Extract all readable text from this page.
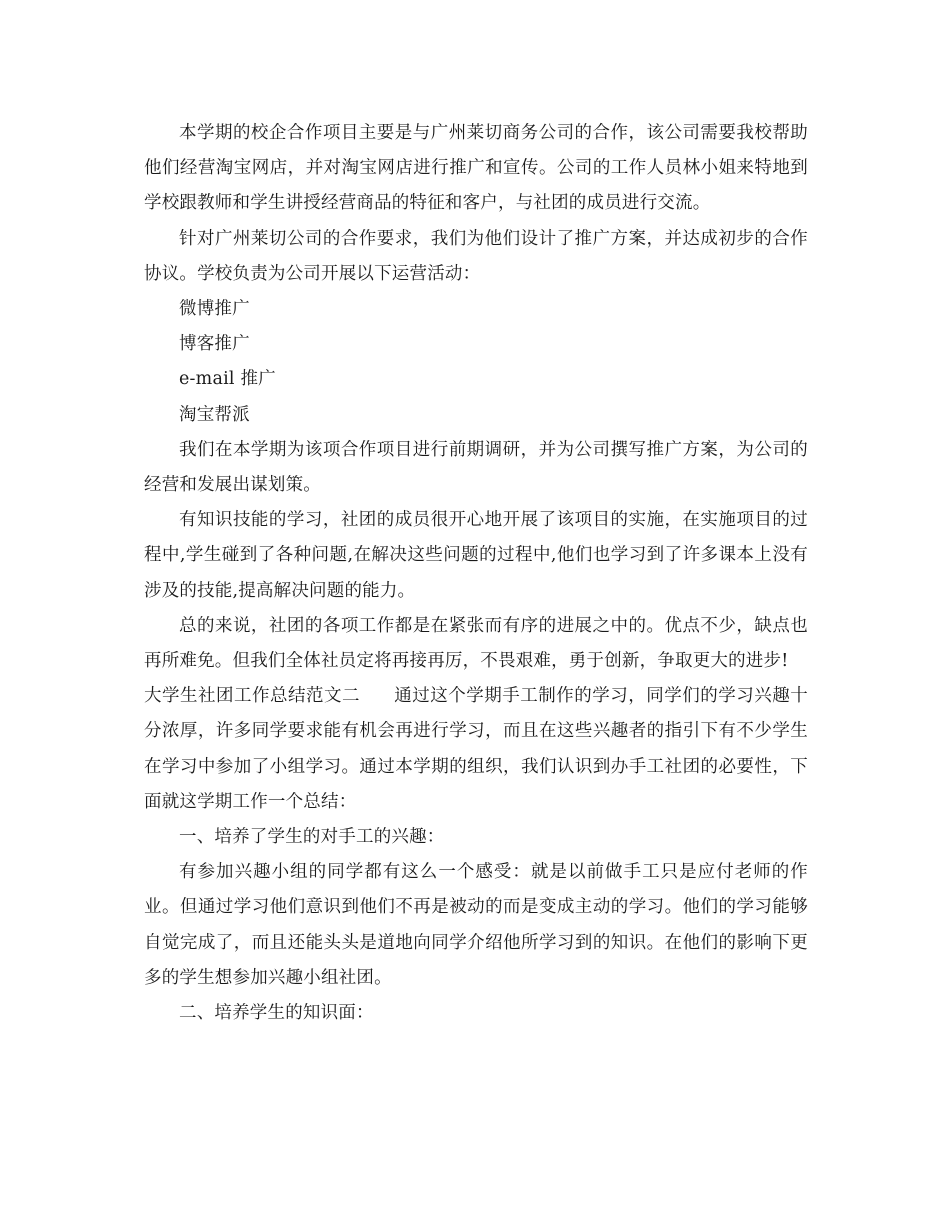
本学期的校企合作项目主要是与广州莱切商务公司的合作，该公司需要我校帮助他们经营淘宝网店，并对淘宝网店进行推广和宣传。公司的工作人员林小姐来特地到学校跟教师和学生讲授经营商品的特征和客户，与社团的成员进行交流。

针对广州莱切公司的合作要求，我们为他们设计了推广方案，并达成初步的合作协议。学校负责为公司开展以下运营活动：

微博推广

博客推广

e-mail 推广

淘宝帮派

我们在本学期为该项合作项目进行前期调研，并为公司撰写推广方案，为公司的经营和发展出谋划策。

有知识技能的学习，社团的成员很开心地开展了该项目的实施，在实施项目的过程中,学生碰到了各种问题,在解决这些问题的过程中,他们也学习到了许多课本上没有涉及的技能,提高解决问题的能力。

总的来说，社团的各项工作都是在紧张而有序的进展之中的。优点不少，缺点也再所难免。但我们全体社员定将再接再厉，不畏艰难，勇于创新，争取更大的进步!

大学生社团工作总结范文二 通过这个学期手工制作的学习，同学们的学习兴趣十分浓厚，许多同学要求能有机会再进行学习，而且在这些兴趣者的指引下有不少学生在学习中参加了小组学习。通过本学期的组织，我们认识到办手工社团的必要性，下面就这学期工作一个总结：

一、培养了学生的对手工的兴趣：

有参加兴趣小组的同学都有这么一个感受：就是以前做手工只是应付老师的作业。但通过学习他们意识到他们不再是被动的而是变成主动的学习。他们的学习能够自觉完成了，而且还能头头是道地向同学介绍他所学习到的知识。在他们的影响下更多的学生想参加兴趣小组社团。

二、培养学生的知识面：
